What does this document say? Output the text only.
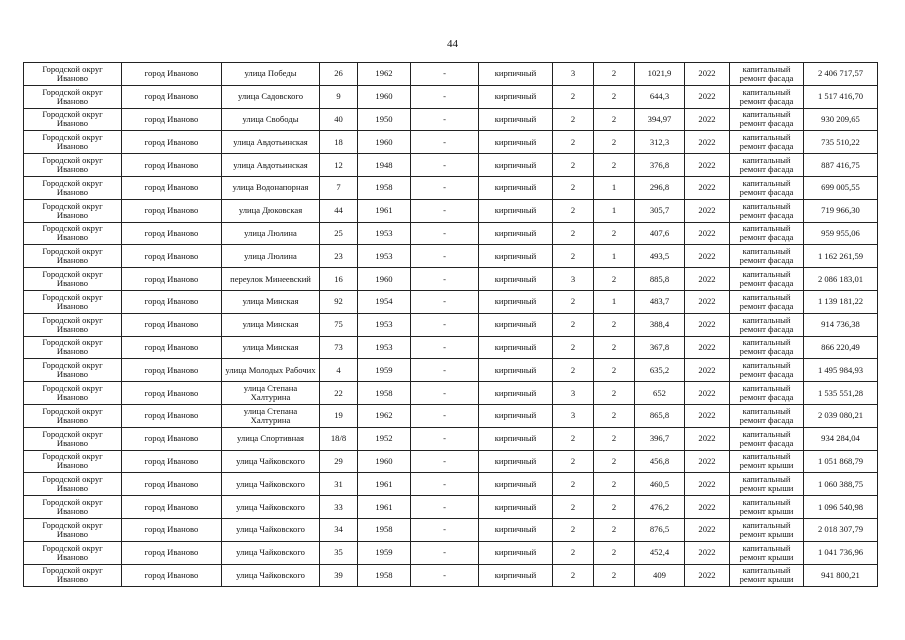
44
Городской округ Иваново	город Иваново	улица Победы	26	1962	-	кирпичный	3	2	1021,9	2022	капитальный ремонт фасада	2 406 717,57
Городской округ Иваново	город Иваново	улица Садовского	9	1960	-	кирпичный	2	2	644,3	2022	капитальный ремонт фасада	1 517 416,70
Городской округ Иваново	город Иваново	улица Свободы	40	1950	-	кирпичный	2	2	394,97	2022	капитальный ремонт фасада	930 209,65
Городской округ Иваново	город Иваново	улица Авдотьинская	18	1960	-	кирпичный	2	2	312,3	2022	капитальный ремонт фасада	735 510,22
Городской округ Иваново	город Иваново	улица Авдотьинская	12	1948	-	кирпичный	2	2	376,8	2022	капитальный ремонт фасада	887 416,75
Городской округ Иваново	город Иваново	улица Водонапорная	7	1958	-	кирпичный	2	1	296,8	2022	капитальный ремонт фасада	699 005,55
Городской округ Иваново	город Иваново	улица Дюковская	44	1961	-	кирпичный	2	1	305,7	2022	капитальный ремонт фасада	719 966,30
Городской округ Иваново	город Иваново	улица Люлина	25	1953	-	кирпичный	2	2	407,6	2022	капитальный ремонт фасада	959 955,06
Городской округ Иваново	город Иваново	улица Люлина	23	1953	-	кирпичный	2	1	493,5	2022	капитальный ремонт фасада	1 162 261,59
Городской округ Иваново	город Иваново	переулок Минеевский	16	1960	-	кирпичный	3	2	885,8	2022	капитальный ремонт фасада	2 086 183,01
Городской округ Иваново	город Иваново	улица Минская	92	1954	-	кирпичный	2	1	483,7	2022	капитальный ремонт фасада	1 139 181,22
Городской округ Иваново	город Иваново	улица Минская	75	1953	-	кирпичный	2	2	388,4	2022	капитальный ремонт фасада	914 736,38
Городской округ Иваново	город Иваново	улица Минская	73	1953	-	кирпичный	2	2	367,8	2022	капитальный ремонт фасада	866 220,49
Городской округ Иваново	город Иваново	улица Молодых Рабочих	4	1959	-	кирпичный	2	2	635,2	2022	капитальный ремонт фасада	1 495 984,93
Городской округ Иваново	город Иваново	улица Степана Халтурина	22	1958	-	кирпичный	3	2	652	2022	капитальный ремонт фасада	1 535 551,28
Городской округ Иваново	город Иваново	улица Степана Халтурина	19	1962	-	кирпичный	3	2	865,8	2022	капитальный ремонт фасада	2 039 080,21
Городской округ Иваново	город Иваново	улица Спортивная	18/8	1952	-	кирпичный	2	2	396,7	2022	капитальный ремонт фасада	934 284,04
Городской округ Иваново	город Иваново	улица Чайковского	29	1960	-	кирпичный	2	2	456,8	2022	капитальный ремонт крыши	1 051 868,79
Городской округ Иваново	город Иваново	улица Чайковского	31	1961	-	кирпичный	2	2	460,5	2022	капитальный ремонт крыши	1 060 388,75
Городской округ Иваново	город Иваново	улица Чайковского	33	1961	-	кирпичный	2	2	476,2	2022	капитальный ремонт крыши	1 096 540,98
Городской округ Иваново	город Иваново	улица Чайковского	34	1958	-	кирпичный	2	2	876,5	2022	капитальный ремонт крыши	2 018 307,79
Городской округ Иваново	город Иваново	улица Чайковского	35	1959	-	кирпичный	2	2	452,4	2022	капитальный ремонт крыши	1 041 736,96
Городской округ Иваново	город Иваново	улица Чайковского	39	1958	-	кирпичный	2	2	409	2022	капитальный ремонт крыши	941 800,21
